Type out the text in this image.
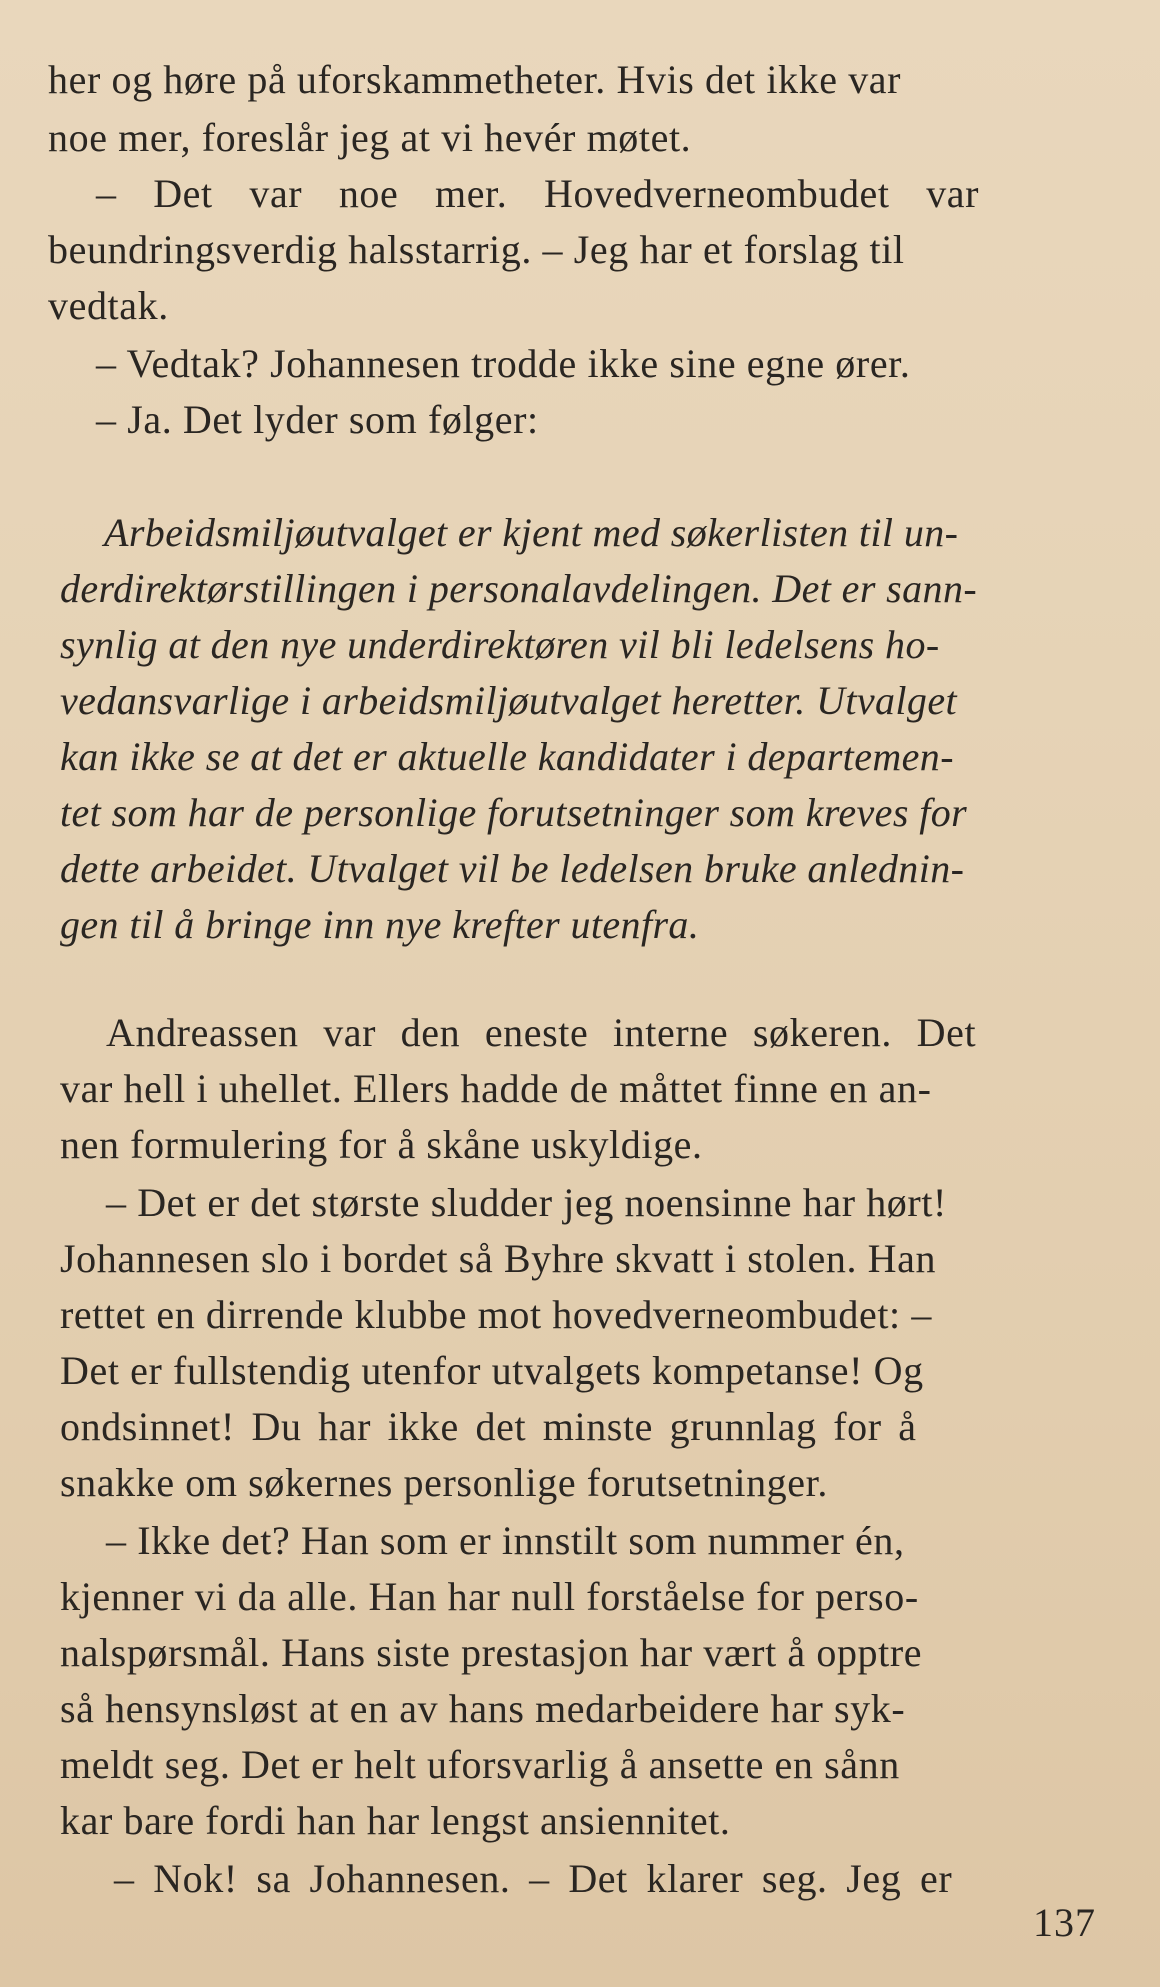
her og høre på uforskammetheter. Hvis det ikke var
noe mer, foreslår jeg at vi hevér møtet.
– Det var noe mer. Hovedverneombudet var
beundringsverdig halsstarrig. – Jeg har et forslag til
vedtak.
– Vedtak? Johannesen trodde ikke sine egne ører.
– Ja. Det lyder som følger:
Arbeidsmiljøutvalget er kjent med søkerlisten til un-
derdirektørstillingen i personalavdelingen. Det er sann-
synlig at den nye underdirektøren vil bli ledelsens ho-
vedansvarlige i arbeidsmiljøutvalget heretter. Utvalget
kan ikke se at det er aktuelle kandidater i departemen-
tet som har de personlige forutsetninger som kreves for
dette arbeidet. Utvalget vil be ledelsen bruke anlednin-
gen til å bringe inn nye krefter utenfra.
Andreassen var den eneste interne søkeren. Det
var hell i uhellet. Ellers hadde de måttet finne en an-
nen formulering for å skåne uskyldige.
– Det er det største sludder jeg noensinne har hørt!
Johannesen slo i bordet så Byhre skvatt i stolen. Han
rettet en dirrende klubbe mot hovedverneombudet: –
Det er fullstendig utenfor utvalgets kompetanse! Og
ondsinnet! Du har ikke det minste grunnlag for å
snakke om søkernes personlige forutsetninger.
– Ikke det? Han som er innstilt som nummer én,
kjenner vi da alle. Han har null forståelse for perso-
nalspørsmål. Hans siste prestasjon har vært å opptre
så hensynsløst at en av hans medarbeidere har syk-
meldt seg. Det er helt uforsvarlig å ansette en sånn
kar bare fordi han har lengst ansiennitet.
– Nok! sa Johannesen. – Det klarer seg. Jeg er
137
